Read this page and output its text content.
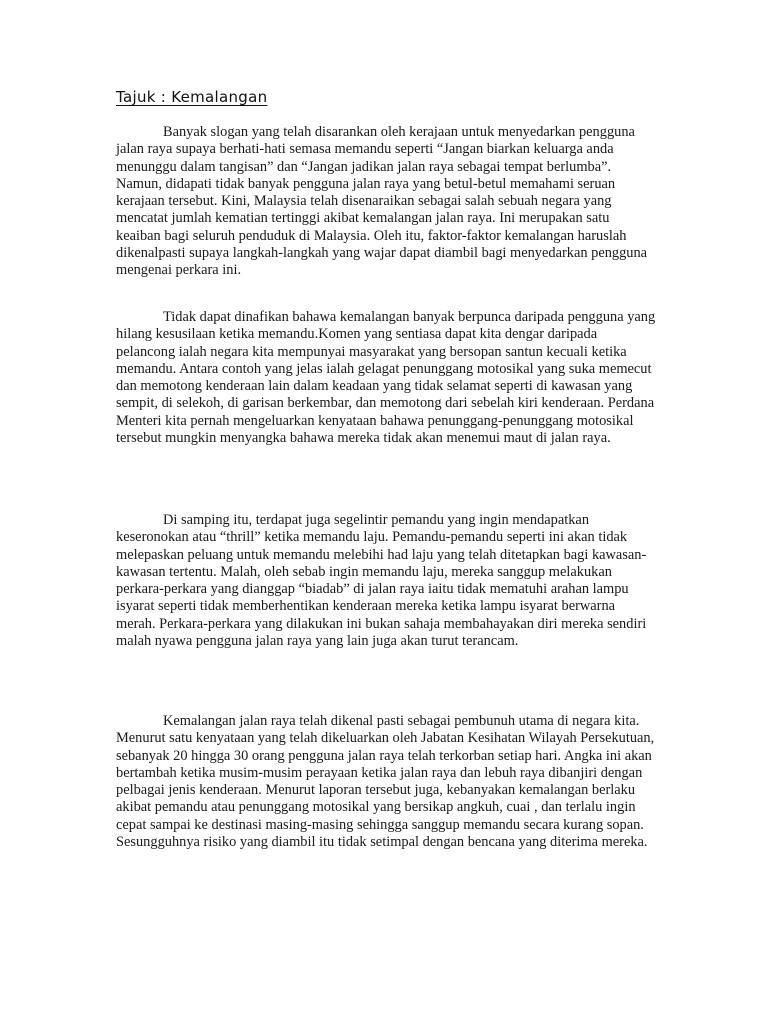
Tajuk : Kemalangan

Banyak slogan yang telah disarankan oleh kerajaan untuk menyedarkan pengguna jalan raya supaya berhati-hati semasa memandu seperti “Jangan biarkan keluarga anda menunggu dalam tangisan” dan “Jangan jadikan jalan raya sebagai tempat berlumba”. Namun, didapati tidak banyak pengguna jalan raya yang betul-betul memahami seruan kerajaan tersebut. Kini, Malaysia telah disenaraikan sebagai salah sebuah negara yang mencatat jumlah kematian tertinggi akibat kemalangan jalan raya. Ini merupakan satu keaiban bagi seluruh penduduk di Malaysia. Oleh itu, faktor-faktor kemalangan haruslah dikenalpasti supaya langkah-langkah yang wajar dapat diambil bagi menyedarkan pengguna mengenai perkara ini.

Tidak dapat dinafikan bahawa kemalangan banyak berpunca daripada pengguna yang hilang kesusilaan ketika memandu.Komen yang sentiasa dapat kita dengar daripada pelancong ialah negara kita mempunyai masyarakat yang bersopan santun kecuali ketika memandu. Antara contoh yang jelas ialah gelagat penunggang motosikal yang suka memecut dan memotong kenderaan lain dalam keadaan yang tidak selamat seperti di kawasan yang sempit, di selekoh, di garisan berkembar, dan memotong dari sebelah kiri kenderaan. Perdana Menteri kita pernah mengeluarkan kenyataan bahawa penunggang-penunggang motosikal tersebut mungkin menyangka bahawa mereka tidak akan menemui maut di jalan raya.

Di samping itu, terdapat juga segelintir pemandu yang ingin mendapatkan keseronokan atau “thrill” ketika memandu laju. Pemandu-pemandu seperti ini akan tidak melepaskan peluang untuk memandu melebihi had laju yang telah ditetapkan bagi kawasan-kawasan tertentu. Malah, oleh sebab ingin memandu laju, mereka sanggup melakukan perkara-perkara yang dianggap “biadab” di jalan raya iaitu tidak mematuhi arahan lampu isyarat seperti tidak memberhentikan kenderaan mereka ketika lampu isyarat berwarna merah. Perkara-perkara yang dilakukan ini bukan sahaja membahayakan diri mereka sendiri malah nyawa pengguna jalan raya yang lain juga akan turut terancam.

Kemalangan jalan raya telah dikenal pasti sebagai pembunuh utama di negara kita. Menurut satu kenyataan yang telah dikeluarkan oleh Jabatan Kesihatan Wilayah Persekutuan, sebanyak 20 hingga 30 orang pengguna jalan raya telah terkorban setiap hari. Angka ini akan bertambah ketika musim-musim perayaan ketika jalan raya dan lebuh raya dibanjiri dengan pelbagai jenis kenderaan. Menurut laporan tersebut juga, kebanyakan kemalangan berlaku akibat pemandu atau penunggang motosikal yang bersikap angkuh, cuai , dan terlalu ingin cepat sampai ke destinasi masing-masing sehingga sanggup memandu secara kurang sopan. Sesungguhnya risiko yang diambil itu tidak setimpal dengan bencana yang diterima mereka.
